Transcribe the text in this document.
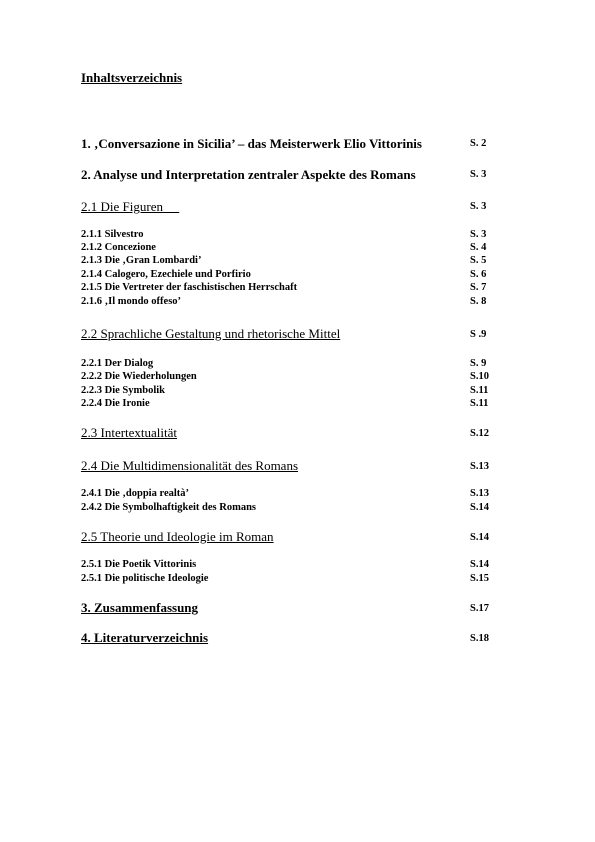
Inhaltsverzeichnis
1. ‚Conversazione in Sicilia’ – das Meisterwerk Elio Vittorinis	S. 2
2. Analyse und Interpretation zentraler Aspekte des Romans	S. 3
2.1 Die Figuren	S. 3
2.1.1 Silvestro	S. 3
2.1.2 Concezione	S. 4
2.1.3 Die ‚Gran Lombardi’	S. 5
2.1.4 Calogero, Ezechiele und Porfirio	S. 6
2.1.5 Die Vertreter der faschistischen Herrschaft	S. 7
2.1.6 ‚Il mondo offeso’	S. 8
2.2 Sprachliche Gestaltung und rhetorische Mittel	S .9
2.2.1 Der Dialog	S. 9
2.2.2 Die Wiederholungen	S.10
2.2.3 Die Symbolik	S.11
2.2.4 Die Ironie	S.11
2.3 Intertextualität	S.12
2.4 Die Multidimensionalität des Romans	S.13
2.4.1 Die ‚doppia realtà’	S.13
2.4.2 Die Symbolhaftigkeit des Romans	S.14
2.5 Theorie und Ideologie im Roman	S.14
2.5.1 Die Poetik Vittorinis	S.14
2.5.1 Die politische Ideologie	S.15
3. Zusammenfassung	S.17
4. Literaturverzeichnis	S.18
